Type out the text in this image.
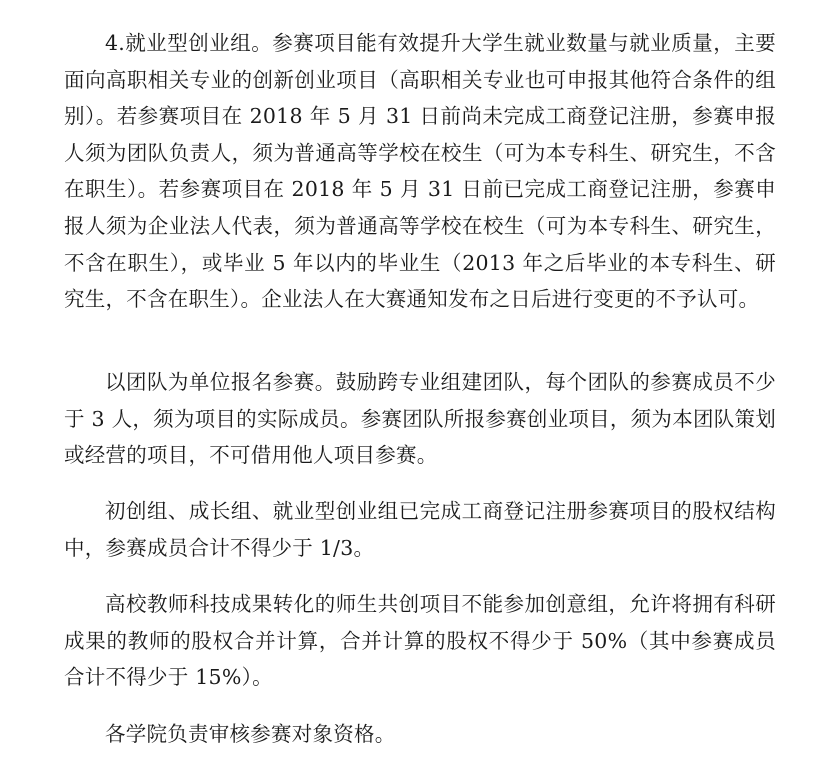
4.就业型创业组。参赛项目能有效提升大学生就业数量与就业质量，主要面向高职相关专业的创新创业项目（高职相关专业也可申报其他符合条件的组别）。若参赛项目在 2018 年 5 月 31 日前尚未完成工商登记注册，参赛申报人须为团队负责人，须为普通高等学校在校生（可为本专科生、研究生，不含在职生）。若参赛项目在 2018 年 5 月 31 日前已完成工商登记注册，参赛申报人须为企业法人代表，须为普通高等学校在校生（可为本专科生、研究生，不含在职生），或毕业 5 年以内的毕业生（2013 年之后毕业的本专科生、研究生，不含在职生）。企业法人在大赛通知发布之日后进行变更的不予认可。

以团队为单位报名参赛。鼓励跨专业组建团队，每个团队的参赛成员不少于 3 人，须为项目的实际成员。参赛团队所报参赛创业项目，须为本团队策划或经营的项目，不可借用他人项目参赛。

初创组、成长组、就业型创业组已完成工商登记注册参赛项目的股权结构中，参赛成员合计不得少于 1/3。

高校教师科技成果转化的师生共创项目不能参加创意组，允许将拥有科研成果的教师的股权合并计算，合并计算的股权不得少于 50%（其中参赛成员合计不得少于 15%）。

各学院负责审核参赛对象资格。
